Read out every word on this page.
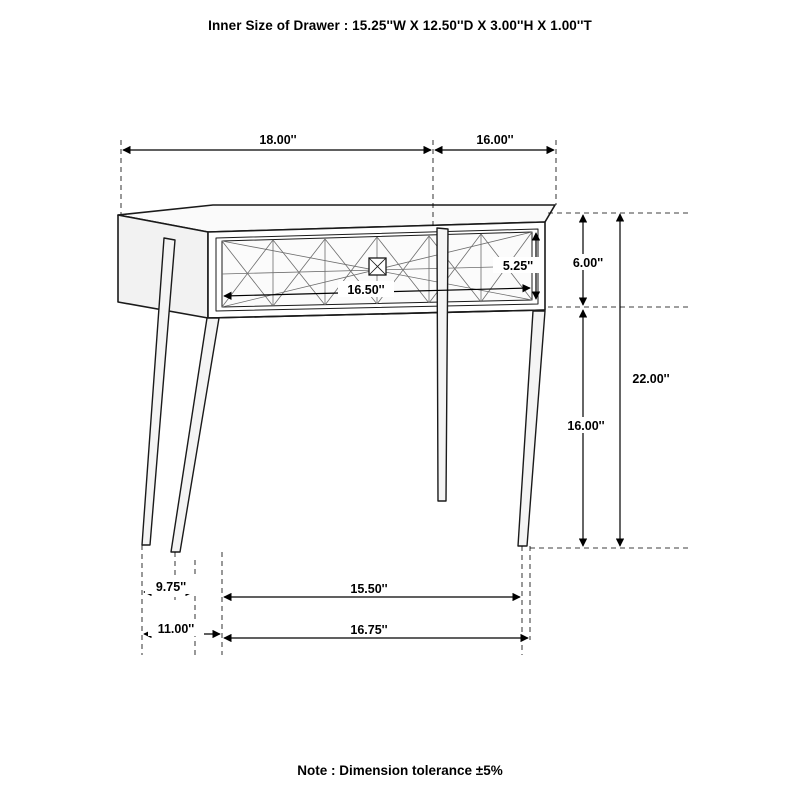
Inner Size of Drawer : 15.25''W X 12.50''D X 3.00''H X 1.00''T
18.00''	16.00''
16.50''
5.25''	6.00''
16.00''
22.00''
9.75''	15.50''
11.00''	16.75''
Note : Dimension tolerance ±5%
